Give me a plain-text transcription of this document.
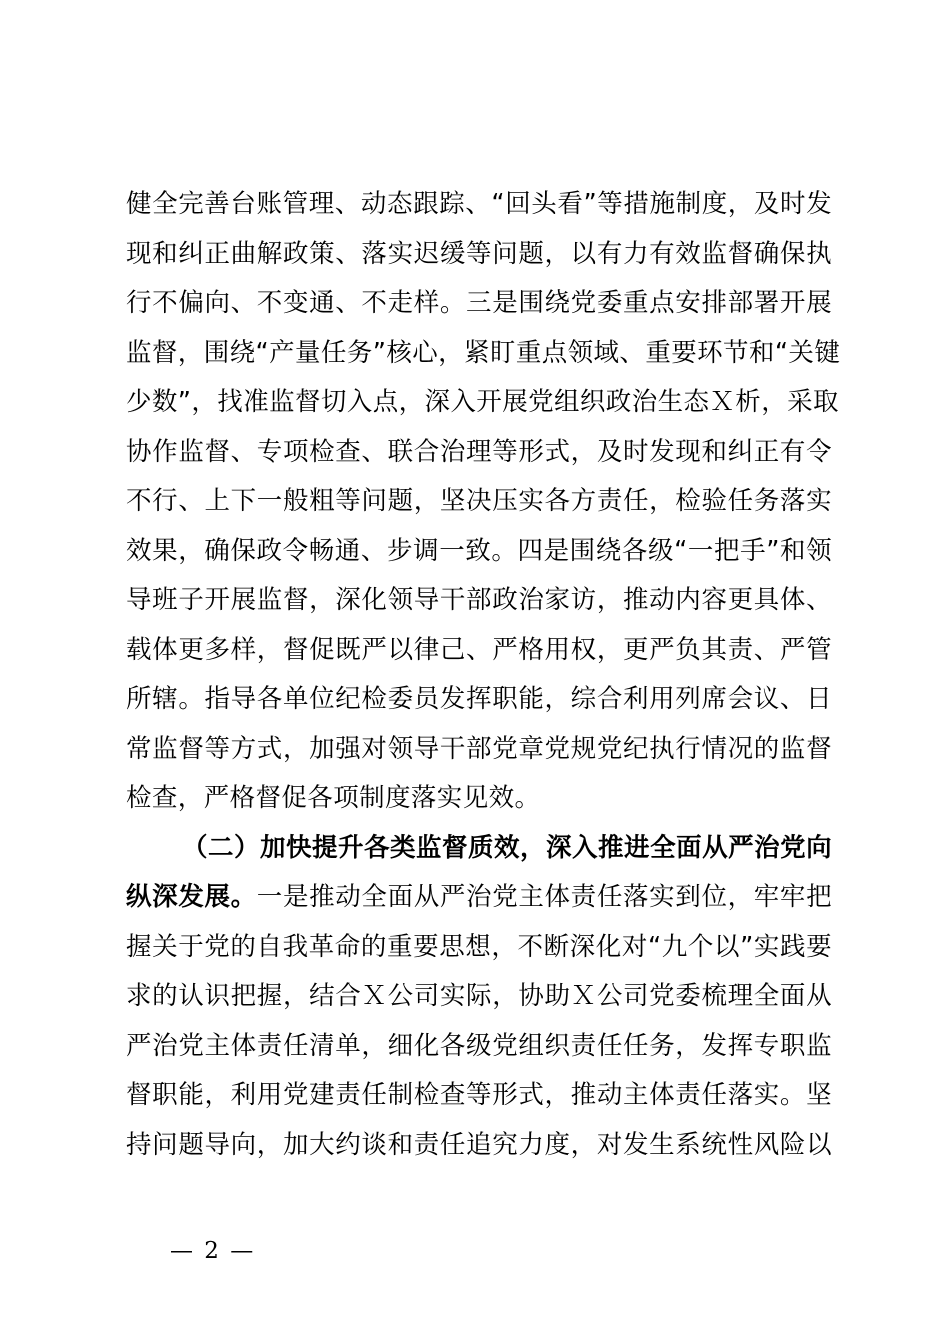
健全完善台账管理、动态跟踪、“回头看”等措施制度，及时发
现和纠正曲解政策、落实迟缓等问题，以有力有效监督确保执
行不偏向、不变通、不走样。三是围绕党委重点安排部署开展
监督，围绕“产量任务”核心，紧盯重点领域、重要环节和“关键
少数”，找准监督切入点，深入开展党组织政治生态Ｘ析，采取
协作监督、专项检查、联合治理等形式，及时发现和纠正有令
不行、上下一般粗等问题，坚决压实各方责任，检验任务落实
效果，确保政令畅通、步调一致。四是围绕各级“一把手”和领
导班子开展监督，深化领导干部政治家访，推动内容更具体、
载体更多样，督促既严以律己、严格用权，更严负其责、严管
所辖。指导各单位纪检委员发挥职能，综合利用列席会议、日
常监督等方式，加强对领导干部党章党规党纪执行情况的监督
检查，严格督促各项制度落实见效。
（二）加快提升各类监督质效，深入推进全面从严治党向
纵深发展。一是推动全面从严治党主体责任落实到位，牢牢把
握关于党的自我革命的重要思想，不断深化对“九个以”实践要
求的认识把握，结合Ｘ公司实际，协助Ｘ公司党委梳理全面从
严治党主体责任清单，细化各级党组织责任任务，发挥专职监
督职能，利用党建责任制检查等形式，推动主体责任落实。坚
持问题导向，加大约谈和责任追究力度，对发生系统性风险以
— 2 —
